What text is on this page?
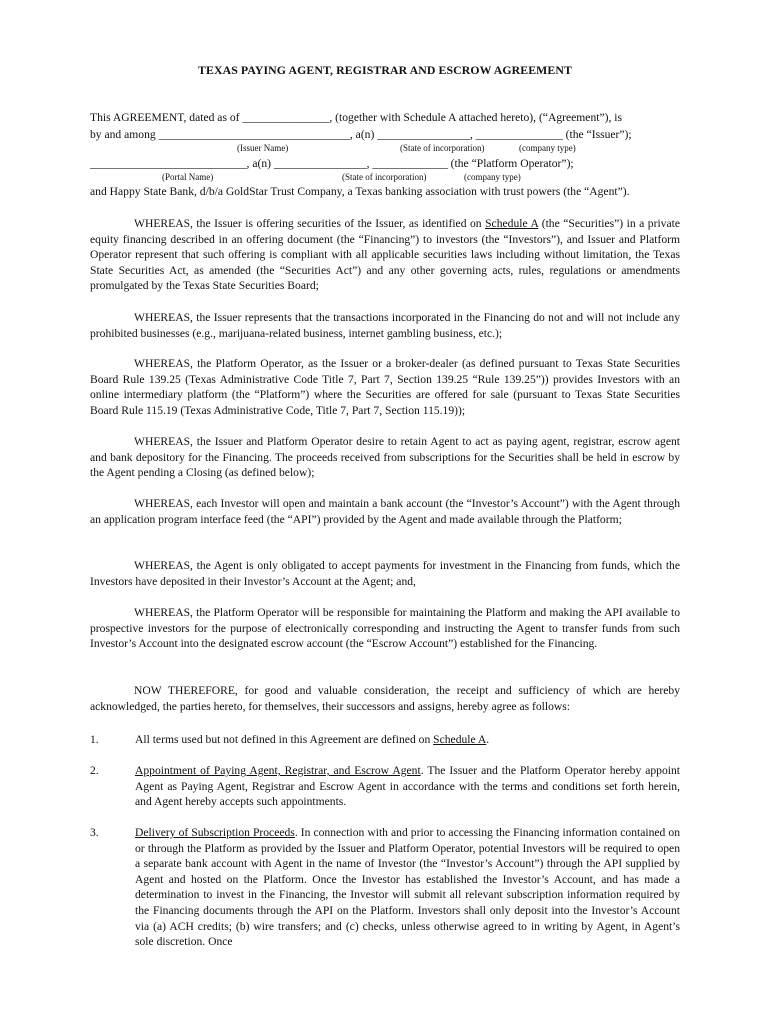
TEXAS PAYING AGENT, REGISTRAR AND ESCROW AGREEMENT
This AGREEMENT, dated as of _______________, (together with Schedule A attached hereto), (“Agreement”), is
by and among _________________________________, a(n) ________________, _______________ (the “Issuer”);
(Issuer Name)	(State of incorporation)	(company type)
___________________________, a(n) ________________, _____________ (the “Platform Operator”);
(Portal Name)	(State of incorporation)	(company type)
and Happy State Bank, d/b/a GoldStar Trust Company, a Texas banking association with trust powers (the “Agent”).
WHEREAS, the Issuer is offering securities of the Issuer, as identified on Schedule A (the “Securities”) in a private equity financing described in an offering document (the “Financing”) to investors (the “Investors”), and Issuer and Platform Operator represent that such offering is compliant with all applicable securities laws including without limitation, the Texas State Securities Act, as amended (the “Securities Act”) and any other governing acts, rules, regulations or amendments promulgated by the Texas State Securities Board;
WHEREAS, the Issuer represents that the transactions incorporated in the Financing do not and will not include any prohibited businesses (e.g., marijuana-related business, internet gambling business, etc.);
WHEREAS, the Platform Operator, as the Issuer or a broker-dealer (as defined pursuant to Texas State Securities Board Rule 139.25 (Texas Administrative Code Title 7, Part 7, Section 139.25 “Rule 139.25”)) provides Investors with an online intermediary platform (the “Platform”) where the Securities are offered for sale (pursuant to Texas State Securities Board Rule 115.19 (Texas Administrative Code, Title 7, Part 7, Section 115.19));
WHEREAS, the Issuer and Platform Operator desire to retain Agent to act as paying agent, registrar, escrow agent and bank depository for the Financing. The proceeds received from subscriptions for the Securities shall be held in escrow by the Agent pending a Closing (as defined below);
WHEREAS, each Investor will open and maintain a bank account (the “Investor’s Account”) with the Agent through an application program interface feed (the “API”) provided by the Agent and made available through the Platform;
WHEREAS, the Agent is only obligated to accept payments for investment in the Financing from funds, which the Investors have deposited in their Investor’s Account at the Agent; and,
WHEREAS, the Platform Operator will be responsible for maintaining the Platform and making the API available to prospective investors for the purpose of electronically corresponding and instructing the Agent to transfer funds from such Investor’s Account into the designated escrow account (the “Escrow Account”) established for the Financing.
NOW THEREFORE, for good and valuable consideration, the receipt and sufficiency of which are hereby acknowledged, the parties hereto, for themselves, their successors and assigns, hereby agree as follows:
1.	All terms used but not defined in this Agreement are defined on Schedule A.
2.	Appointment of Paying Agent, Registrar, and Escrow Agent. The Issuer and the Platform Operator hereby appoint Agent as Paying Agent, Registrar and Escrow Agent in accordance with the terms and conditions set forth herein, and Agent hereby accepts such appointments.
3.	Delivery of Subscription Proceeds. In connection with and prior to accessing the Financing information contained on or through the Platform as provided by the Issuer and Platform Operator, potential Investors will be required to open a separate bank account with Agent in the name of Investor (the “Investor’s Account”) through the API supplied by Agent and hosted on the Platform. Once the Investor has established the Investor’s Account, and has made a determination to invest in the Financing, the Investor will submit all relevant subscription information required by the Financing documents through the API on the Platform. Investors shall only deposit into the Investor’s Account via (a) ACH credits; (b) wire transfers; and (c) checks, unless otherwise agreed to in writing by Agent, in Agent’s sole discretion. Once
